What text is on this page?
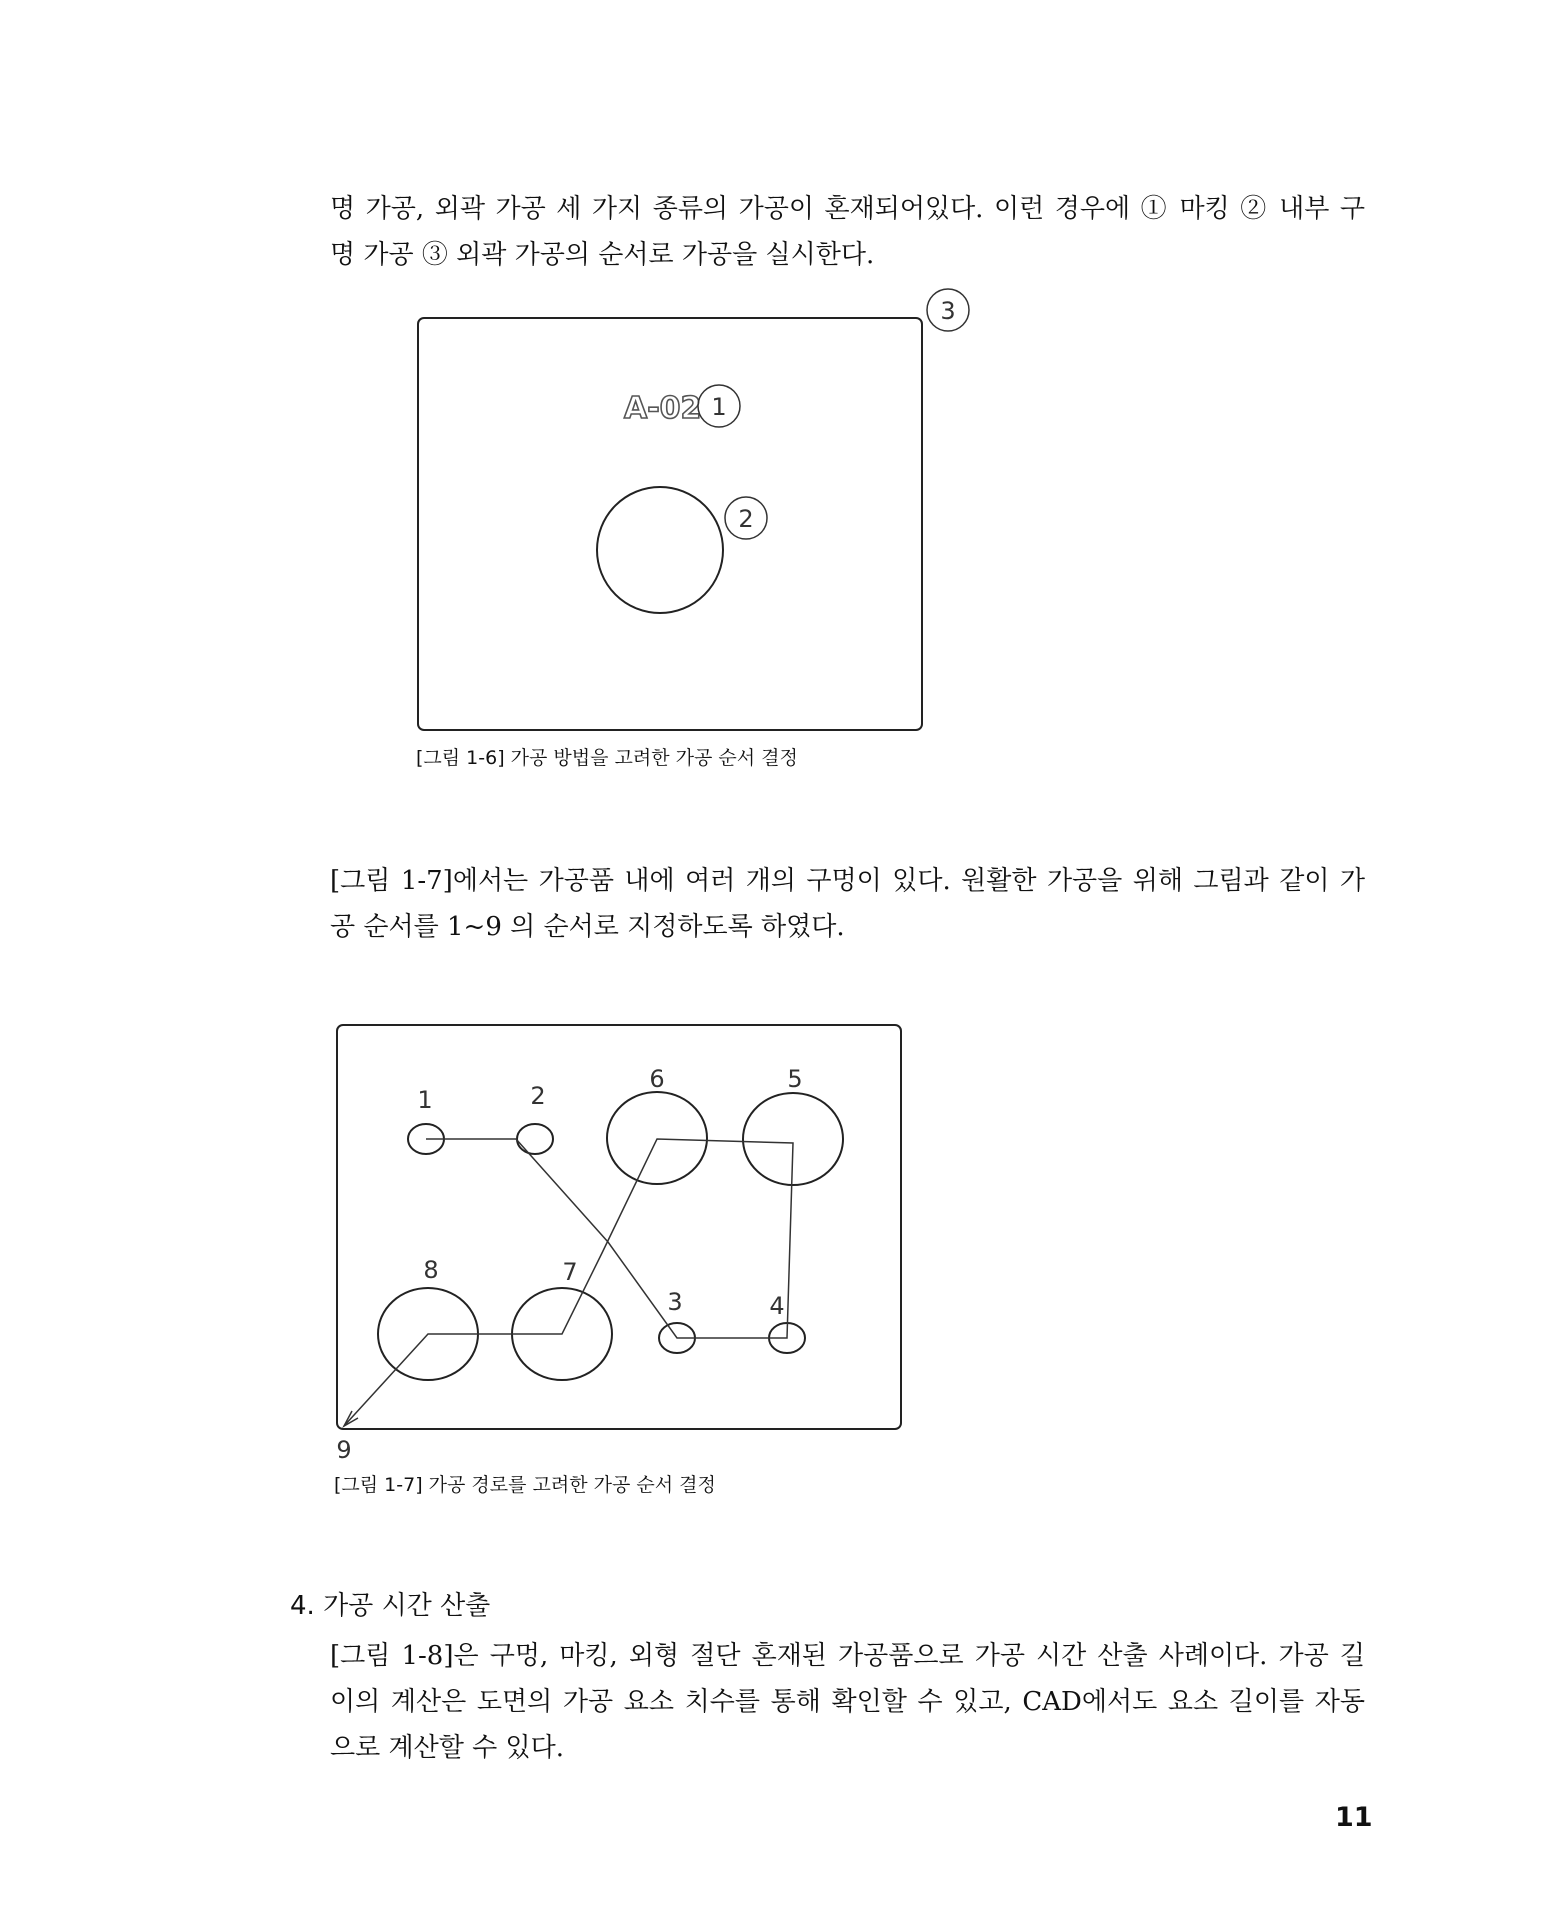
명 가공, 외곽 가공 세 가지 종류의 가공이 혼재되어있다. 이런 경우에 ① 마킹 ② 내부 구
명 가공 ③ 외곽 가공의 순서로 가공을 실시한다.
A-02 1
2
3

[그림 1-6] 가공 방법을 고려한 가공 순서 결정

[그림 1-7]에서는 가공품 내에 여러 개의 구멍이 있다. 원활한 가공을 위해 그림과 같이 가
공 순서를 1~9 의 순서로 지정하도록 하였다.
1	2
3	4
5
6
7
8
9

[그림 1-7] 가공 경로를 고려한 가공 순서 결정

4. 가공 시간 산출

[그림 1-8]은 구멍, 마킹, 외형 절단 혼재된 가공품으로 가공 시간 산출 사례이다. 가공 길
이의 계산은 도면의 가공 요소 치수를 통해 확인할 수 있고, CAD에서도 요소 길이를 자동
으로 계산할 수 있다.

11
